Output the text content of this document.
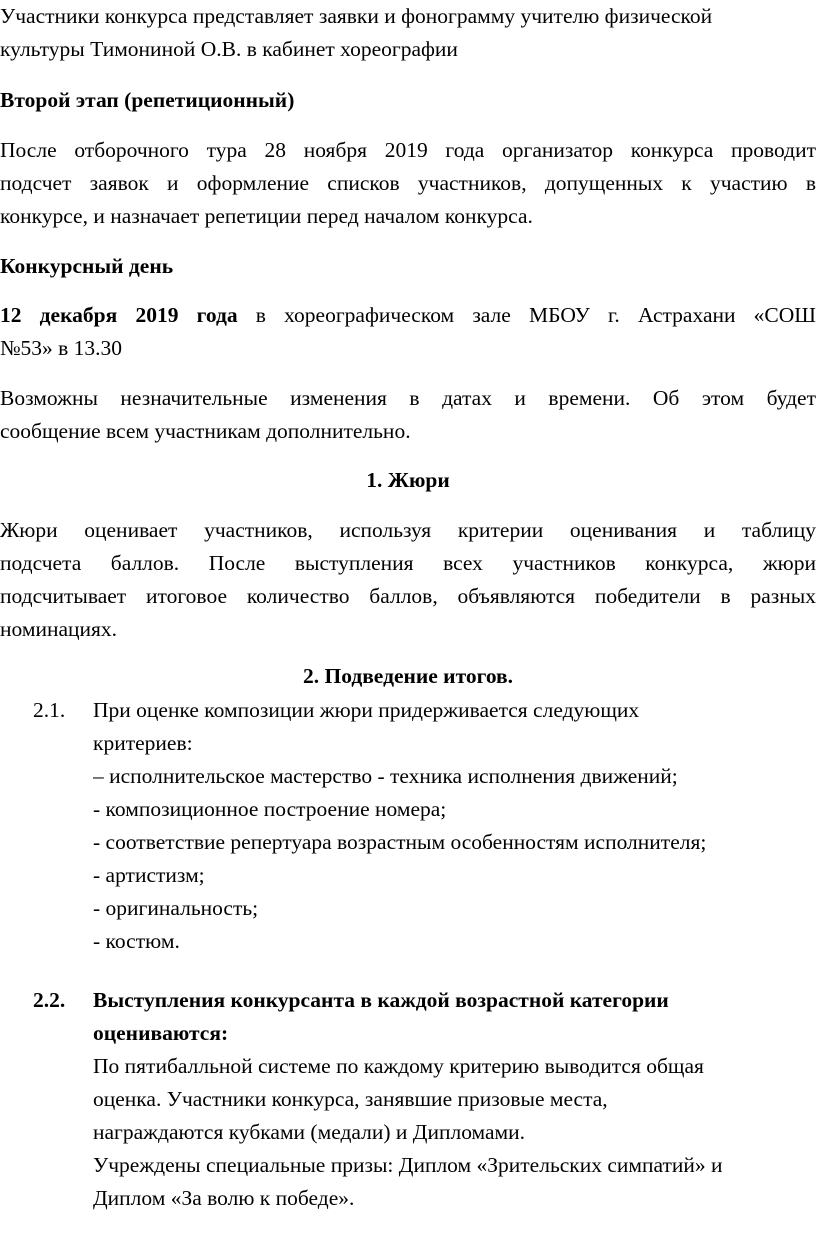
Участники конкурса представляет заявки и фонограмму учителю физической
культуры Тимониной О.В. в кабинет хореографии
Второй этап (репетиционный)
После отборочного тура 28 ноября 2019 года организатор конкурса проводит
подсчет заявок и оформление списков участников, допущенных к участию в
конкурсе, и назначает репетиции перед началом конкурса.
Конкурсный день
12 декабря 2019 года в хореографическом зале МБОУ г. Астрахани «СОШ
№53» в 13.30
Возможны незначительные изменения в датах и времени. Об этом будет
сообщение всем участникам дополнительно.
1. Жюри
Жюри оценивает участников, используя критерии оценивания и таблицу
подсчета баллов. После выступления всех участников конкурса, жюри
подсчитывает итоговое количество баллов, объявляются победители в разных
номинациях.
2. Подведение итогов.
2.1. При оценке композиции жюри придерживается следующих
критериев:
– исполнительское мастерство - техника исполнения движений;
- композиционное построение номера;
- соответствие репертуара возрастным особенностям исполнителя;
- артистизм;
- оригинальность;
- костюм.
2.2. Выступления конкурсанта в каждой возрастной категории
оцениваются:
По пятибалльной системе по каждому критерию выводится общая
оценка. Участники конкурса, занявшие призовые места,
награждаются кубками (медали) и Дипломами.
Учреждены специальные призы: Диплом «Зрительских симпатий» и
Диплом «За волю к победе».
